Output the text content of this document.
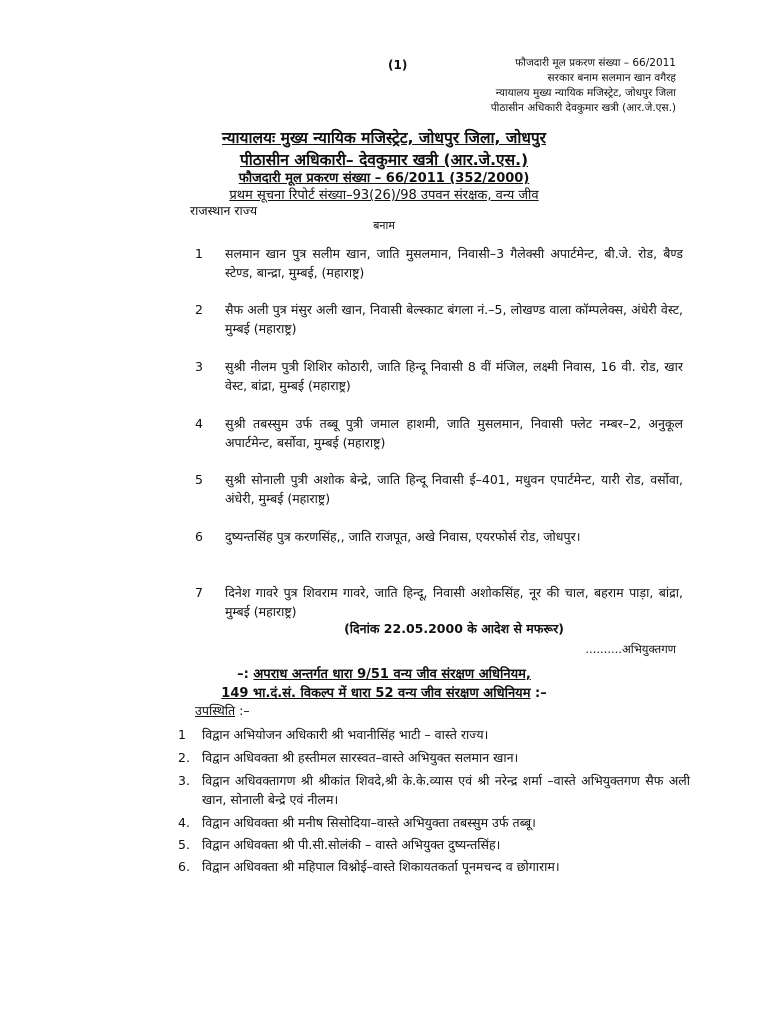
(1)	फौजदारी मूल प्रकरण संख्या – 66/2011
सरकार बनाम सलमान खान वगैरह
न्यायालय मुख्य न्यायिक मजिस्ट्रेट, जोधपुर जिला
पीठासीन अधिकारी देवकुमार खत्री (आर.जे.एस.)
न्यायालयः मुख्य न्यायिक मजिस्ट्रेट, जोधपुर जिला, जोधपुर
पीठासीन अधिकारी– देवकुमार खत्री (आर.जे.एस.)
फौजदारी मूल प्रकरण संख्या – 66/2011 (352/2000)
प्रथम सूचना रिपोर्ट संख्या–93(26)/98 उपवन संरक्षक, वन्य जीव
राजस्थान राज्य
बनाम
1	सलमान खान पुत्र सलीम खान, जाति मुसलमान, निवासी–3 गैलेक्सी अपार्टमेन्ट, बी.जे. रोड, बैण्ड स्टेण्ड, बान्द्रा, मुम्बई, (महाराष्ट्र)
2	सैफ अली पुत्र मंसुर अली खान, निवासी बेल्स्काट बंगला नं.–5, लोखण्ड वाला कॉम्पलेक्स, अंधेरी वेस्ट, मुम्बई (महाराष्ट्र)
3	सुश्री नीलम पुत्री शिशिर कोठारी, जाति हिन्दू निवासी 8 वीं मंजिल, लक्ष्मी निवास, 16 वी. रोड, खार वेस्ट, बांद्रा, मुम्बई (महाराष्ट्र)
4	सुश्री तबस्सुम उर्फ तब्बू पुत्री जमाल हाशमी, जाति मुसलमान, निवासी फ्लेट नम्बर–2, अनुकूल अपार्टमेन्ट, बर्सोवा, मुम्बई (महाराष्ट्र)
5	सुश्री सोनाली पुत्री अशोक बेन्द्रे, जाति हिन्दू निवासी ई–401, मधुवन एपार्टमेन्ट, यारी रोड, वर्सोवा, अंधेरी, मुम्बई (महाराष्ट्र)
6	दुष्यन्तसिंह पुत्र करणसिंह,, जाति राजपूत, अखे निवास, एयरफोर्स रोड, जोधपुर।
7	दिनेश गावरे पुत्र शिवराम गावरे, जाति हिन्दू, निवासी अशोकसिंह, नूर की चाल, बहराम पाड़ा, बांद्रा, मुम्बई (महाराष्ट्र)
(दिनांक 22.05.2000 के आदेश से मफरूर)
..........अभियुक्तगण
–: अपराध अन्तर्गत धारा 9/51 वन्य जीव संरक्षण अधिनियम,
149 भा.दं.सं. विकल्प में धारा 52 वन्य जीव संरक्षण अधिनियम :–
उपस्थिति :–
1	विद्वान अभियोजन अधिकारी श्री भवानीसिंह भाटी – वास्ते राज्य।
2. विद्वान अधिवक्ता श्री हस्तीमल सारस्वत–वास्ते अभियुक्त सलमान खान।
3. विद्वान अधिवक्तागण श्री श्रीकांत शिवदे,श्री के.के.व्यास एवं श्री नरेन्द्र शर्मा –वास्ते अभियुक्तगण सैफ अली खान, सोनाली बेन्द्रे एवं नीलम।
4. विद्वान अधिवक्ता श्री मनीष सिसोदिया–वास्ते अभियुक्ता तबस्सुम उर्फ तब्बू।
5. विद्वान अधिवक्ता श्री पी.सी.सोलंकी – वास्ते अभियुक्त दुष्यन्तसिंह।
6. विद्वान अधिवक्ता श्री महिपाल विश्नोई–वास्ते शिकायतकर्ता पूनमचन्द व छोगाराम।
